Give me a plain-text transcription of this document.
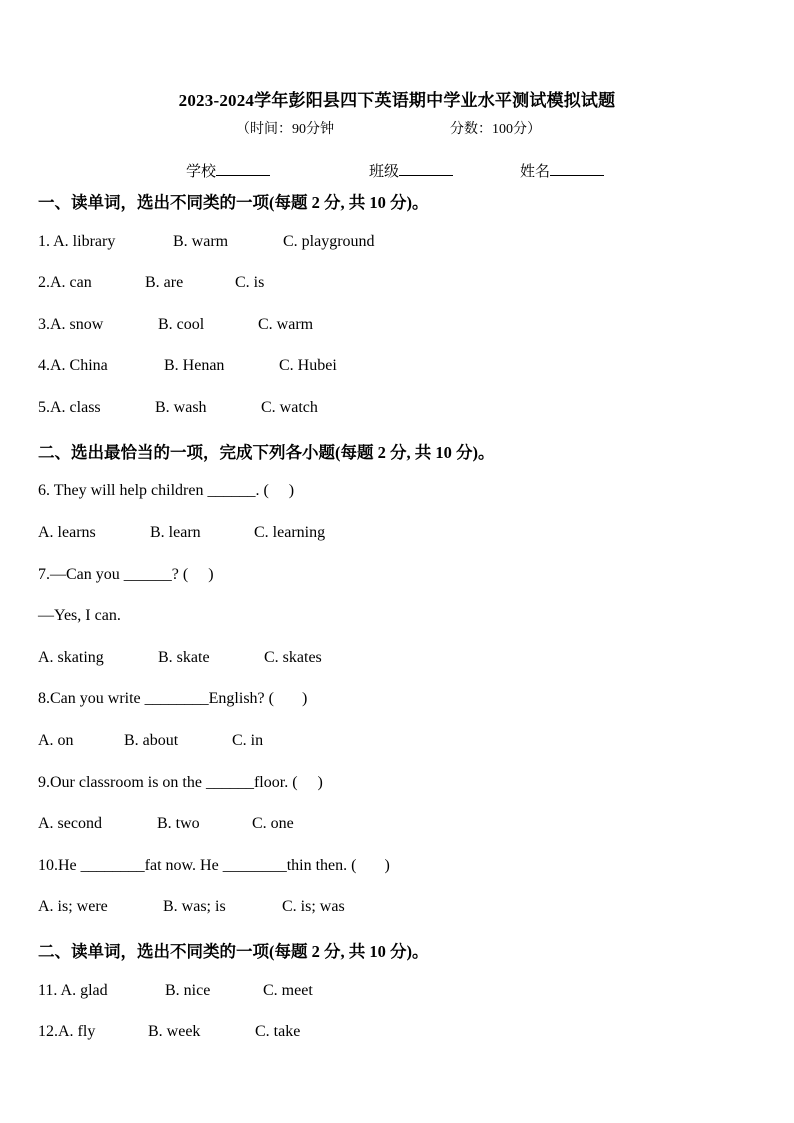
2023-2024学年彭阳县四下英语期中学业水平测试模拟试题
（时间：90分钟	分数：100分）
学校	班级	姓名
一、读单词，选出不同类的一项(每题 2 分, 共 10 分)。
1. A. library	B. warm	C. playground
2.A. can	B. are	C. is
3.A. snow	B. cool	C. warm
4.A. China	B. Henan	C. Hubei
5.A. class	B. wash	C. watch
二、选出最恰当的一项，完成下列各小题(每题 2 分, 共 10 分)。
6. They will help children ______. (     )
A. learns	B. learn	C. learning
7.—Can you ______? (     )
—Yes, I can.
A. skating	B. skate	C. skates
8.Can you write ________English? (       )
A. on	B. about	C. in
9.Our classroom is on the ______floor. (     )
A. second	B. two	C. one
10.He ________fat now. He ________thin then. (       )
A. is; were	B. was; is	C. is; was
二、读单词，选出不同类的一项(每题 2 分, 共 10 分)。
11. A. glad	B. nice	C. meet
12.A. fly	B. week	C. take
